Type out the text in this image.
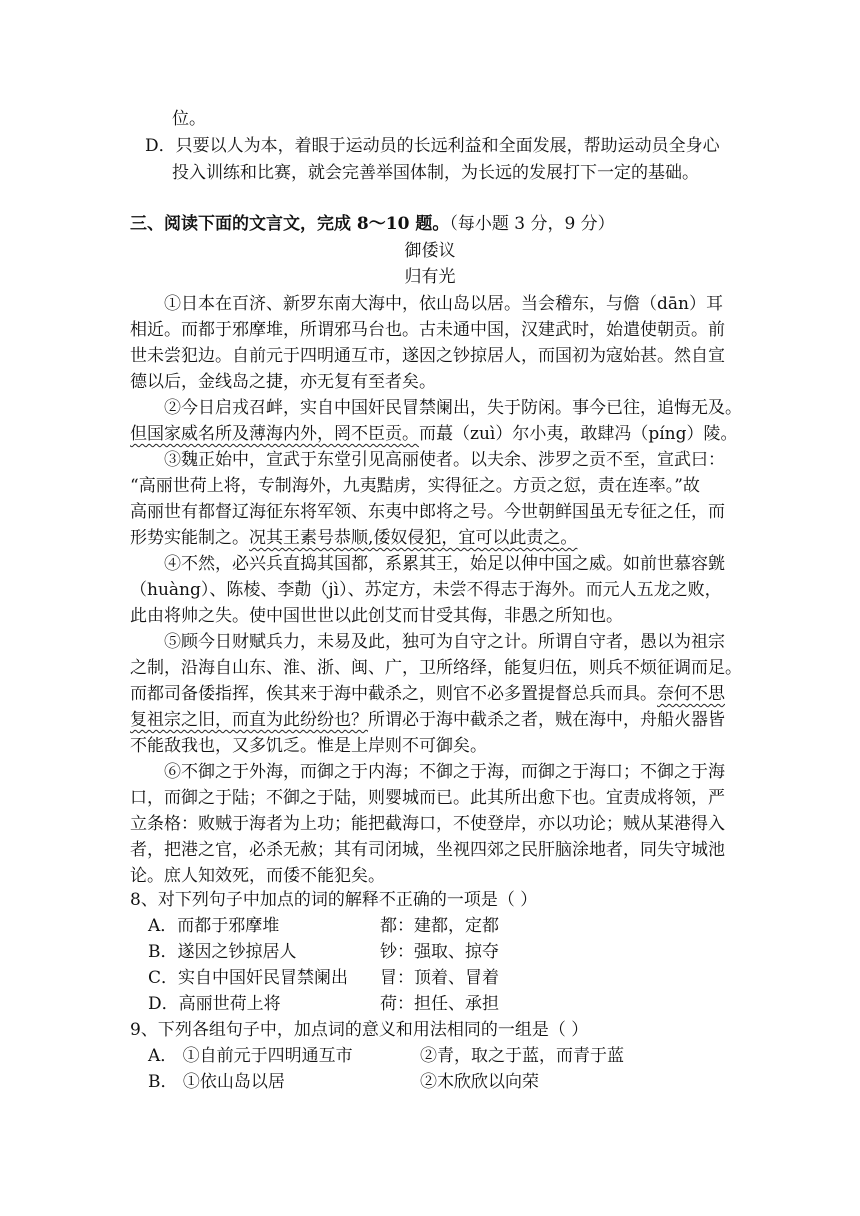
位。
D．只要以人为本，着眼于运动员的长远利益和全面发展，帮助运动员全身心
投入训练和比赛，就会完善举国体制，为长远的发展打下一定的基础。
三、阅读下面的文言文，完成 8～10 题。（每小题 3 分，9 分）
御倭议
归有光
①日本在百济、新罗东南大海中，依山岛以居。当会稽东，与儋（dān）耳
相近。而都于邪摩堆，所谓邪马台也。古未通中国，汉建武时，始遣使朝贡。前
世未尝犯边。自前元于四明通互市，遂因之钞掠居人，而国初为寇始甚。然自宣
德以后，金线岛之捷，亦无复有至者矣。
②今日启戎召衅，实自中国奸民冒禁阑出，失于防闲。事今已往，追悔无及。
但国家威名所及薄海内外，罔不臣贡。而蕞（zuì）尔小夷，敢肆冯（píng）陵。
③魏正始中，宣武于东堂引见高丽使者。以夫余、涉罗之贡不至，宣武曰：
“高丽世荷上将，专制海外，九夷黠虏，实得征之。方贡之愆，责在连率。”故
高丽世有都督辽海征东将军领、东夷中郎将之号。今世朝鲜国虽无专征之任，而
形势实能制之。况其王素号恭顺,倭奴侵犯，宜可以此责之。
④不然，必兴兵直捣其国都，系累其王，始足以伸中国之威。如前世慕容皝
（huàng）、陈棱、李勣（jì）、苏定方，未尝不得志于海外。而元人五龙之败，
此由将帅之失。使中国世世以此创艾而甘受其侮，非愚之所知也。
⑤顾今日财赋兵力，未易及此，独可为自守之计。所谓自守者，愚以为祖宗
之制，沿海自山东、淮、浙、闽、广，卫所络绎，能复归伍，则兵不烦征调而足。
而都司备倭指挥，俟其来于海中截杀之，则官不必多置提督总兵而具。奈何不思
复祖宗之旧，而直为此纷纷也？所谓必于海中截杀之者，贼在海中，舟船火器皆
不能敌我也，又多饥乏。惟是上岸则不可御矣。
⑥不御之于外海，而御之于内海；不御之于海，而御之于海口；不御之于海
口，而御之于陆；不御之于陆，则婴城而已。此其所出愈下也。宜责成将领，严
立条格：败贼于海者为上功；能把截海口，不使登岸，亦以功论；贼从某港得入
者，把港之官，必杀无赦；其有司闭城，坐视四郊之民肝脑涂地者，同失守城池
论。庶人知效死，而倭不能犯矣。
8、对下列句子中加点的词的解释不正确的一项是（ ）
A．而都于邪摩堆	都：建都，定都
B．遂因之钞掠居人	钞：强取、掠夺
C．实自中国奸民冒禁阑出 冒：顶着、冒着
D．高丽世荷上将	荷：担任、承担
9、下列各组句子中，加点词的意义和用法相同的一组是（ ）
A． ①自前元于四明通互市	②青，取之于蓝，而青于蓝
B． ①依山岛以居	②木欣欣以向荣
